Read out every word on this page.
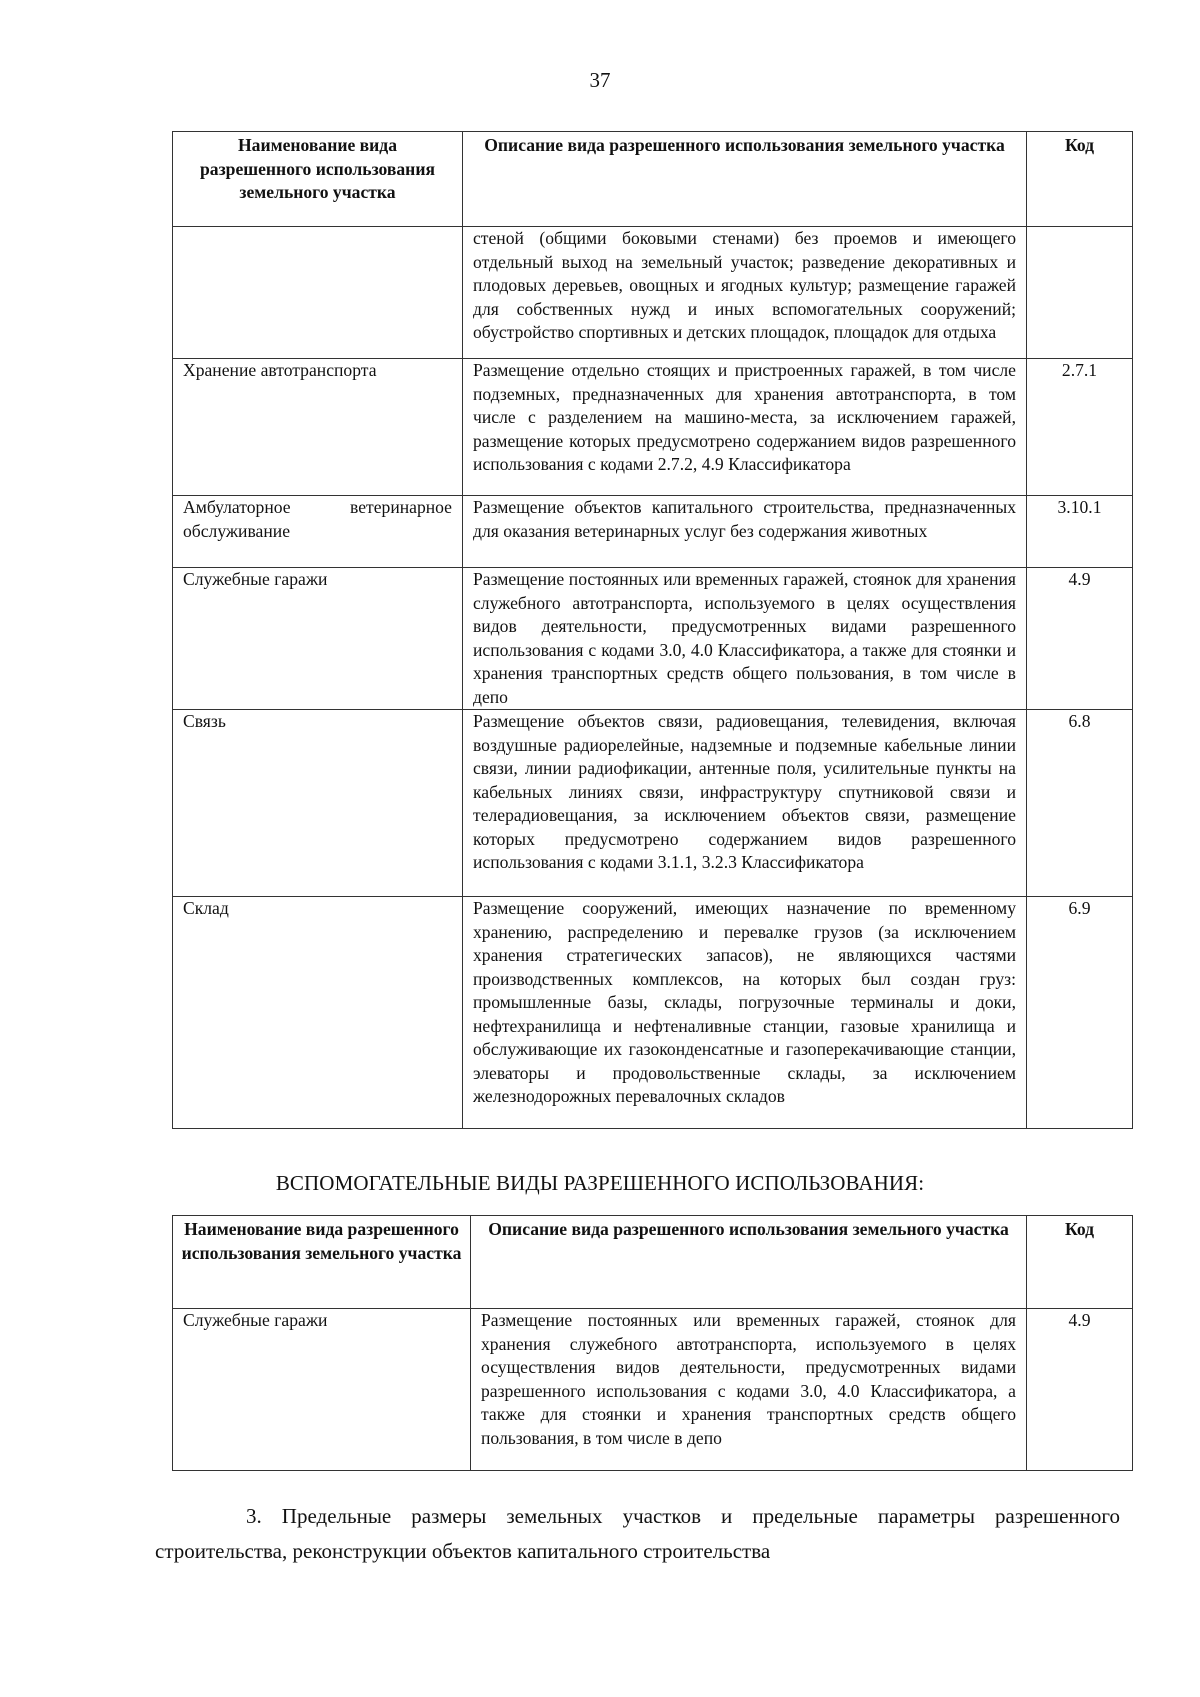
37
Наименование вида разрешенного использования земельного участка	Описание вида разрешенного использования земельного участка	Код
	стеной (общими боковыми стенами) без проемов и имеющего отдельный выход на земельный участок; разведение декоративных и плодовых деревьев, овощных и ягодных культур; размещение гаражей для собственных нужд и иных вспомогательных сооружений; обустройство спортивных и детских площадок, площадок для отдыха	
Хранение автотранспорта	Размещение отдельно стоящих и пристроенных гаражей, в том числе подземных, предназначенных для хранения автотранспорта, в том числе с разделением на машино-места, за исключением гаражей, размещение которых предусмотрено содержанием видов разрешенного использования с кодами 2.7.2, 4.9 Классификатора	2.7.1
Амбулаторное ветеринарное обслуживание	Размещение объектов капитального строительства, предназначенных для оказания ветеринарных услуг без содержания животных	3.10.1
Служебные гаражи	Размещение постоянных или временных гаражей, стоянок для хранения служебного автотранспорта, используемого в целях осуществления видов деятельности, предусмотренных видами разрешенного использования с кодами 3.0, 4.0 Классификатора, а также для стоянки и хранения транспортных средств общего пользования, в том числе в депо	4.9
Связь	Размещение объектов связи, радиовещания, телевидения, включая воздушные радиорелейные, надземные и подземные кабельные линии связи, линии радиофикации, антенные поля, усилительные пункты на кабельных линиях связи, инфраструктуру спутниковой связи и телерадиовещания, за исключением объектов связи, размещение которых предусмотрено содержанием видов разрешенного использования с кодами 3.1.1, 3.2.3 Классификатора	6.8
Склад	Размещение сооружений, имеющих назначение по временному хранению, распределению и перевалке грузов (за исключением хранения стратегических запасов), не являющихся частями производственных комплексов, на которых был создан груз: промышленные базы, склады, погрузочные терминалы и доки, нефтехранилища и нефтеналивные станции, газовые хранилища и обслуживающие их газоконденсатные и газоперекачивающие станции, элеваторы и продовольственные склады, за исключением железнодорожных перевалочных складов	6.9
ВСПОМОГАТЕЛЬНЫЕ ВИДЫ РАЗРЕШЕННОГО ИСПОЛЬЗОВАНИЯ:
Наименование вида разрешенного использования земельного участка	Описание вида разрешенного использования земельного участка	Код
Служебные гаражи	Размещение постоянных или временных гаражей, стоянок для хранения служебного автотранспорта, используемого в целях осуществления видов деятельности, предусмотренных видами разрешенного использования с кодами 3.0, 4.0 Классификатора, а также для стоянки и хранения транспортных средств общего пользования, в том числе в депо	4.9
3. Предельные размеры земельных участков и предельные параметры разрешенного строительства, реконструкции объектов капитального строительства
